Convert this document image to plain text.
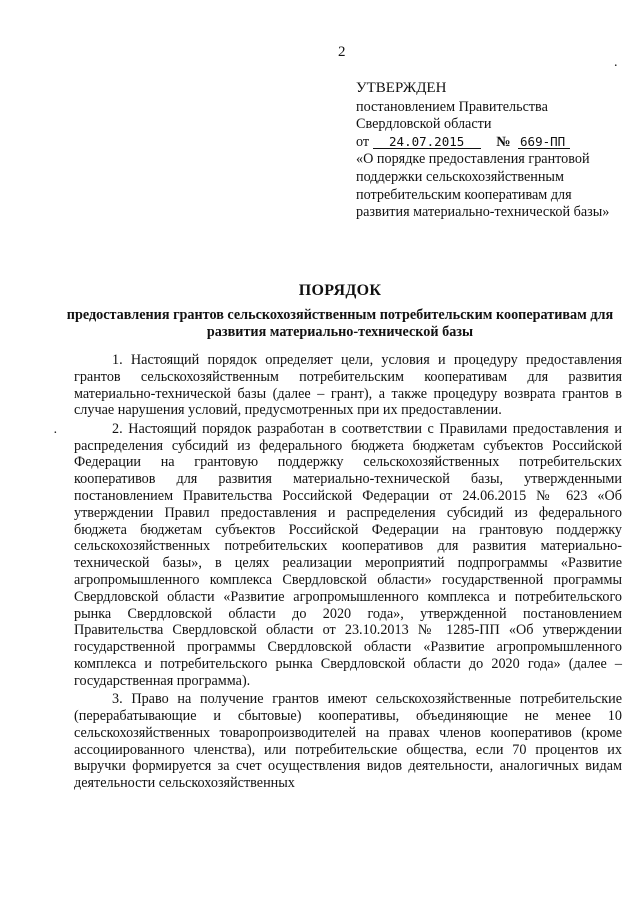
2
.
·
УТВЕРЖДЕН
постановлением Правительства
Свердловской области
от 24.07.2015 № 669-ПП
«О порядке предоставления грантовой поддержки сельскохозяйственным потребительским кооперативам для развития материально-технической базы»
ПОРЯДОК
предоставления грантов сельскохозяйственным потребительским кооперативам для развития материально-технической базы

1. Настоящий порядок определяет цели, условия и процедуру предоставления грантов сельскохозяйственным потребительским кооперативам для развития материально-технической базы (далее – грант), а также процедуру возврата грантов в случае нарушения условий, предусмотренных при их предоставлении.

2. Настоящий порядок разработан в соответствии с Правилами предоставления и распределения субсидий из федерального бюджета бюджетам субъектов Российской Федерации на грантовую поддержку сельскохозяйственных потребительских кооперативов для развития материально-технической базы, утвержденными постановлением Правительства Российской Федерации от 24.06.2015 № 623 «Об утверждении Правил предоставления и распределения субсидий из федерального бюджета бюджетам субъектов Российской Федерации на грантовую поддержку сельскохозяйственных потребительских кооперативов для развития материально-технической базы», в целях реализации мероприятий подпрограммы «Развитие агропромышленного комплекса Свердловской области» государственной программы Свердловской области «Развитие агропромышленного комплекса и потребительского рынка Свердловской области до 2020 года», утвержденной постановлением Правительства Свердловской области от 23.10.2013 № 1285-ПП «Об утверждении государственной программы Свердловской области «Развитие агропромышленного комплекса и потребительского рынка Свердловской области до 2020 года» (далее – государственная программа).

3. Право на получение грантов имеют сельскохозяйственные потребительские (перерабатывающие и сбытовые) кооперативы, объединяющие не менее 10 сельскохозяйственных товаропроизводителей на правах членов кооперативов (кроме ассоциированного членства), или потребительские общества, если 70 процентов их выручки формируется за счет осуществления видов деятельности, аналогичных видам деятельности сельскохозяйственных
